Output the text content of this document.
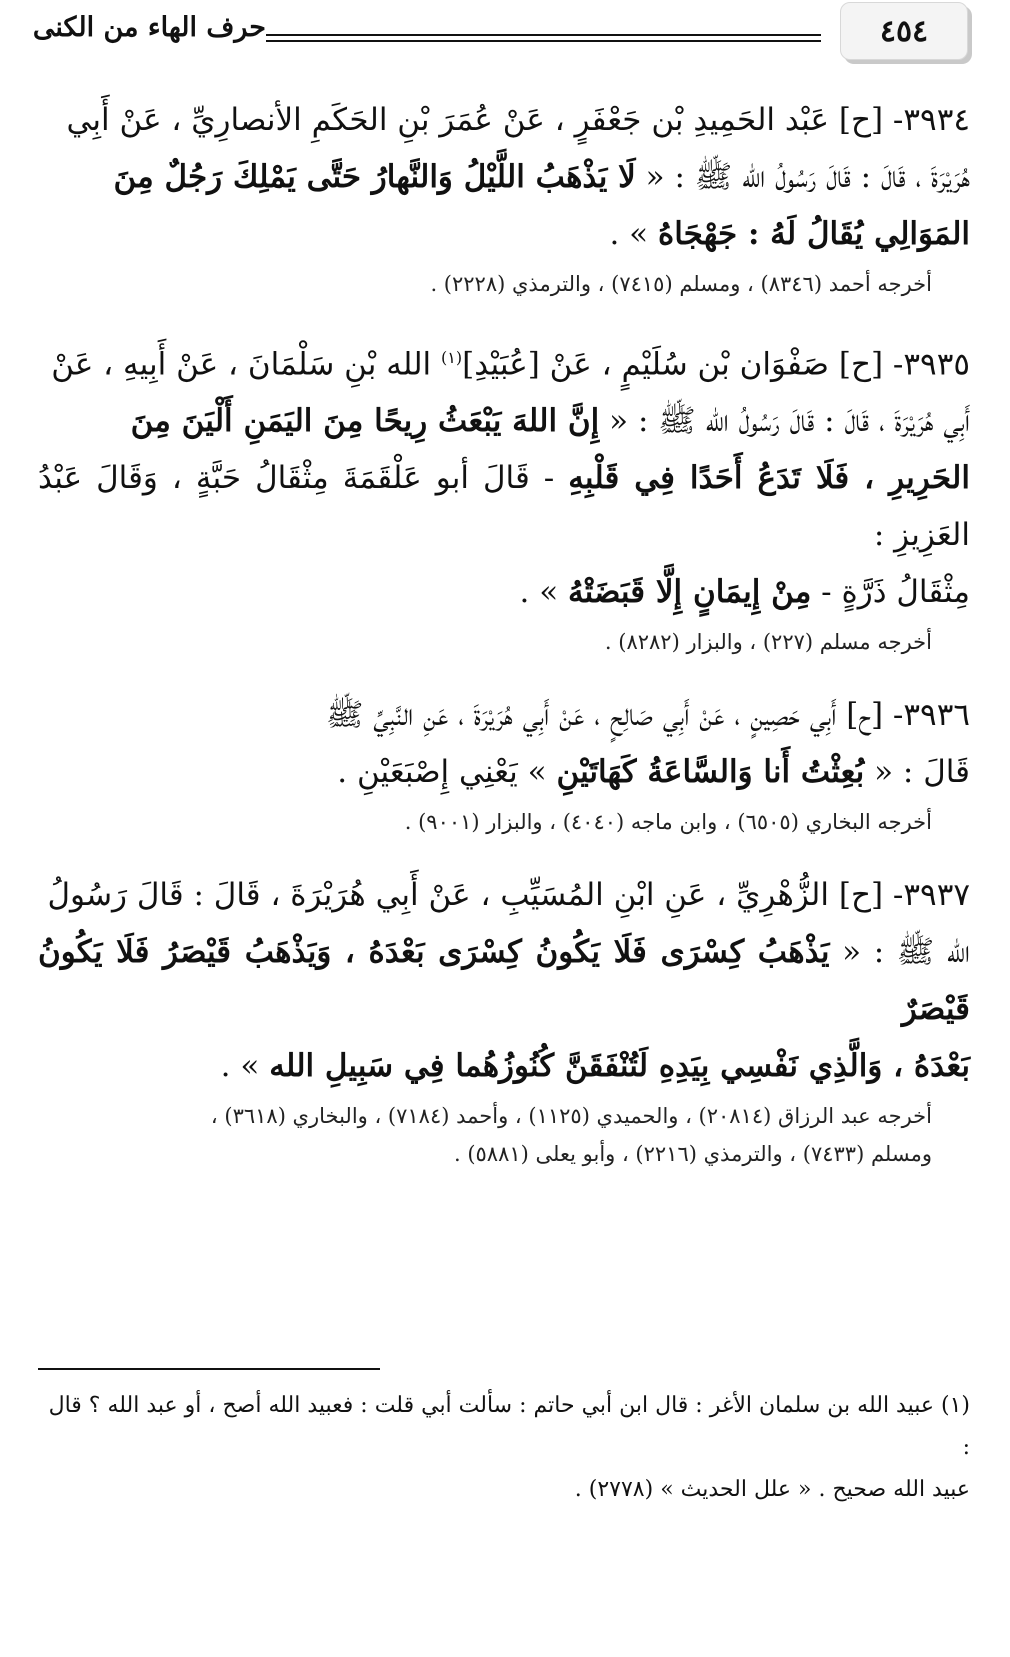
٤٥٤
حرف الهاء من الكنى

٣٩٣٤- [ح] عَبْد الحَمِيدِ بْن جَعْفَرٍ ، عَنْ عُمَرَ بْنِ الحَكَمِ الأنصارِيِّ ، عَنْ أَبِي
هُرَيْرَةَ ، قَالَ : قَالَ رَسُولُ الله ﷺ : « لَا يَذْهَبُ اللَّيْلُ وَالنَّهارُ حَتَّى يَمْلِكَ رَجُلٌ مِنَ
المَوَالِي يُقَالُ لَهُ : جَهْجَاهُ » .

أخرجه أحمد (٨٣٤٦) ، ومسلم (٧٤١٥) ، والترمذي (٢٢٢٨) .

٣٩٣٥- [ح] صَفْوَان بْن سُلَيْمٍ ، عَنْ [عُبَيْدِ]$^{(١)}$ الله بْنِ سَلْمَانَ ، عَنْ أَبِيهِ ، عَنْ
أَبِي هُرَيْرَةَ ، قَالَ : قَالَ رَسُولُ الله ﷺ : « إِنَّ اللهَ يَبْعَثُ رِيحًا مِنَ اليَمَنِ أَلْيَنَ مِنَ
الحَرِيرِ ، فَلَا تَدَعُ أَحَدًا فِي قَلْبِهِ - قَالَ أبو عَلْقَمَةَ مِثْقَالُ حَبَّةٍ ، وَقَالَ عَبْدُ العَزِيزِ :
مِثْقَالُ ذَرَّةٍ - مِنْ إِيمَانٍ إِلَّا قَبَضَتْهُ » .

أخرجه مسلم (٢٢٧) ، والبزار (٨٢٨٢) .

٣٩٣٦- [ح] أَبِي حَصِينٍ ، عَنْ أَبِي صَالِحٍ ، عَنْ أَبِي هُرَيْرَةَ ، عَنِ النَّبِيِّ ﷺ
قَالَ : « بُعِثْتُ أَنا وَالسَّاعَةُ كَهَاتَيْنِ » يَعْنِي إِصْبَعَيْنِ .

أخرجه البخاري (٦٥٠٥) ، وابن ماجه (٤٠٤٠) ، والبزار (٩٠٠١) .

٣٩٣٧- [ح] الزُّهْرِيِّ ، عَنِ ابْنِ المُسَيِّبِ ، عَنْ أَبِي هُرَيْرَةَ ، قَالَ : قَالَ رَسُولُ
الله ﷺ : « يَذْهَبُ كِسْرَى فَلَا يَكُونُ كِسْرَى بَعْدَهُ ، وَيَذْهَبُ قَيْصَرُ فَلَا يَكُونُ قَيْصَرٌ
بَعْدَهُ ، وَالَّذِي نَفْسِي بِيَدِهِ لَتُنْفَقَنَّ كُنُوزُهُما فِي سَبِيلِ الله » .

أخرجه عبد الرزاق (٢٠٨١٤) ، والحميدي (١١٢٥) ، وأحمد (٧١٨٤) ، والبخاري (٣٦١٨) ،
ومسلم (٧٤٣٣) ، والترمذي (٢٢١٦) ، وأبو يعلى (٥٨٨١) .

(١) عبيد الله بن سلمان الأغر : قال ابن أبي حاتم : سألت أبي قلت : فعبيد الله أصح ، أو عبد الله ؟ قال :

عبيد الله صحيح . « علل الحديث » (٢٧٧٨) .
